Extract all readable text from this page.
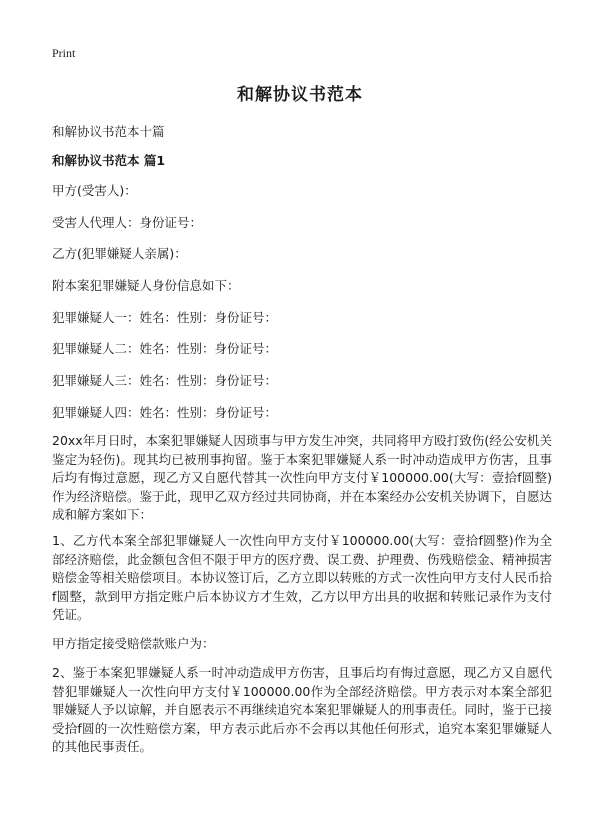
Print
和解协议书范本
和解协议书范本十篇
和解协议书范本 篇1
甲方(受害人)：
受害人代理人：身份证号：
乙方(犯罪嫌疑人亲属)：
附本案犯罪嫌疑人身份信息如下：
犯罪嫌疑人一：姓名：性别：身份证号：
犯罪嫌疑人二：姓名：性别：身份证号：
犯罪嫌疑人三：姓名：性别：身份证号：
犯罪嫌疑人四：姓名：性别：身份证号：
20xx年月日时，本案犯罪嫌疑人因琐事与甲方发生冲突，共同将甲方殴打致伤(经公安机关鉴定为轻伤)。现其均已被刑事拘留。鉴于本案犯罪嫌疑人系一时冲动造成甲方伤害，且事后均有悔过意愿，现乙方又自愿代替其一次性向甲方支付￥100000.00(大写：壹拾f圆整)作为经济赔偿。鉴于此，现甲乙双方经过共同协商，并在本案经办公安机关协调下，自愿达成和解方案如下：
1、乙方代本案全部犯罪嫌疑人一次性向甲方支付￥100000.00(大写：壹拾f圆整)作为全部经济赔偿，此金额包含但不限于甲方的医疗费、误工费、护理费、伤残赔偿金、精神损害赔偿金等相关赔偿项目。本协议签订后，乙方立即以转账的方式一次性向甲方支付人民币拾f圆整，款到甲方指定账户后本协议方才生效，乙方以甲方出具的收据和转账记录作为支付凭证。
甲方指定接受赔偿款账户为：
2、鉴于本案犯罪嫌疑人系一时冲动造成甲方伤害，且事后均有悔过意愿，现乙方又自愿代替犯罪嫌疑人一次性向甲方支付￥100000.00作为全部经济赔偿。甲方表示对本案全部犯罪嫌疑人予以谅解，并自愿表示不再继续追究本案犯罪嫌疑人的刑事责任。同时，鉴于已接受拾f圆的一次性赔偿方案，甲方表示此后亦不会再以其他任何形式，追究本案犯罪嫌疑人的其他民事责任。
